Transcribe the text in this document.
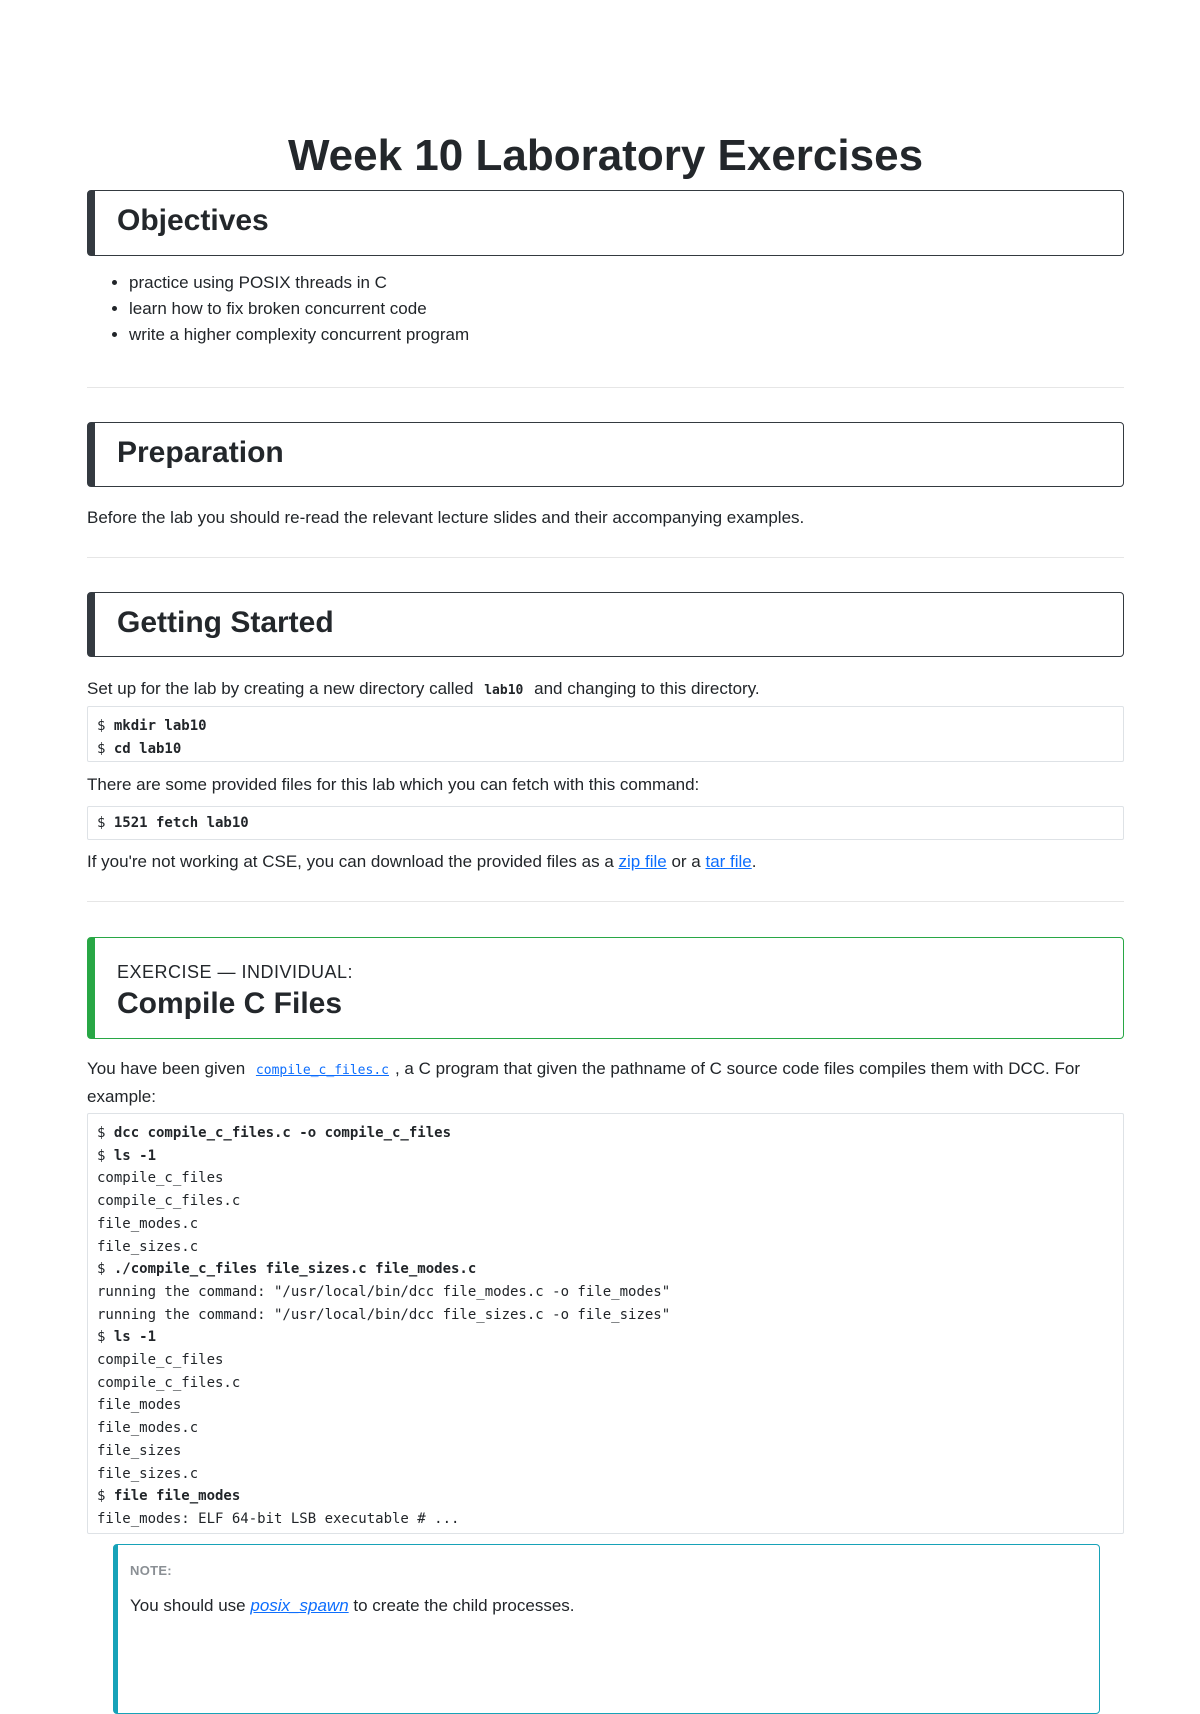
Week 10 Laboratory Exercises
Objectives
• practice using POSIX threads in C
• learn how to fix broken concurrent code
• write a higher complexity concurrent program
Preparation

Before the lab you should re-read the relevant lecture slides and their accompanying examples.

Getting Started

Set up for the lab by creating a new directory called lab10 and changing to this directory.

$ mkdir lab10
$ cd lab10

There are some provided files for this lab which you can fetch with this command:

$ 1521 fetch lab10

If you're not working at CSE, you can download the provided files as a zip file or a tar file.

EXERCISE — INDIVIDUAL:
Compile C Files

You have been given compile_c_files.c , a C program that given the pathname of C source code files compiles them with DCC. For example:

$ dcc compile_c_files.c -o compile_c_files
$ ls -1
compile_c_files
compile_c_files.c
file_modes.c
file_sizes.c
$ ./compile_c_files file_sizes.c file_modes.c
running the command: "/usr/local/bin/dcc file_modes.c -o file_modes"
running the command: "/usr/local/bin/dcc file_sizes.c -o file_sizes"
$ ls -1
compile_c_files
compile_c_files.c
file_modes
file_modes.c
file_sizes
file_sizes.c
$ file file_modes
file_modes: ELF 64-bit LSB executable # ...
NOTE:
You should use posix_spawn to create the child processes.
